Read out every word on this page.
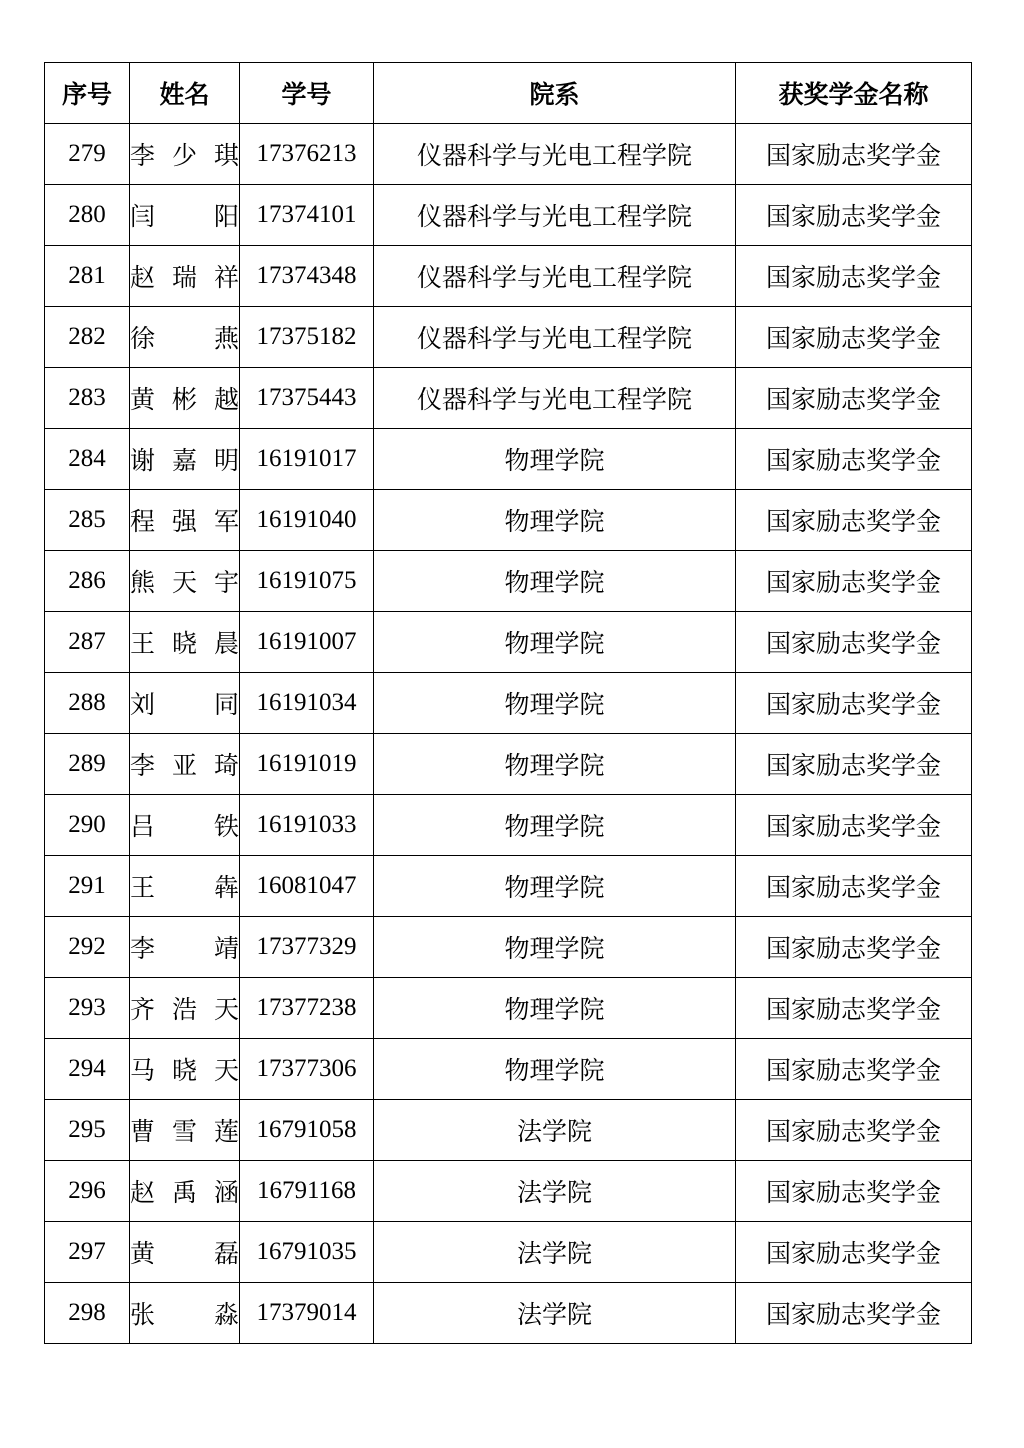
序号	姓名	学号	院系	获奖学金名称
279	李少琪	17376213	仪器科学与光电工程学院	国家励志奖学金
280	闫阳	17374101	仪器科学与光电工程学院	国家励志奖学金
281	赵瑞祥	17374348	仪器科学与光电工程学院	国家励志奖学金
282	徐燕	17375182	仪器科学与光电工程学院	国家励志奖学金
283	黄彬越	17375443	仪器科学与光电工程学院	国家励志奖学金
284	谢嘉明	16191017	物理学院	国家励志奖学金
285	程强军	16191040	物理学院	国家励志奖学金
286	熊天宇	16191075	物理学院	国家励志奖学金
287	王晓晨	16191007	物理学院	国家励志奖学金
288	刘同	16191034	物理学院	国家励志奖学金
289	李亚琦	16191019	物理学院	国家励志奖学金
290	吕铁	16191033	物理学院	国家励志奖学金
291	王犇	16081047	物理学院	国家励志奖学金
292	李靖	17377329	物理学院	国家励志奖学金
293	齐浩天	17377238	物理学院	国家励志奖学金
294	马晓天	17377306	物理学院	国家励志奖学金
295	曹雪莲	16791058	法学院	国家励志奖学金
296	赵禹涵	16791168	法学院	国家励志奖学金
297	黄磊	16791035	法学院	国家励志奖学金
298	张淼	17379014	法学院	国家励志奖学金
